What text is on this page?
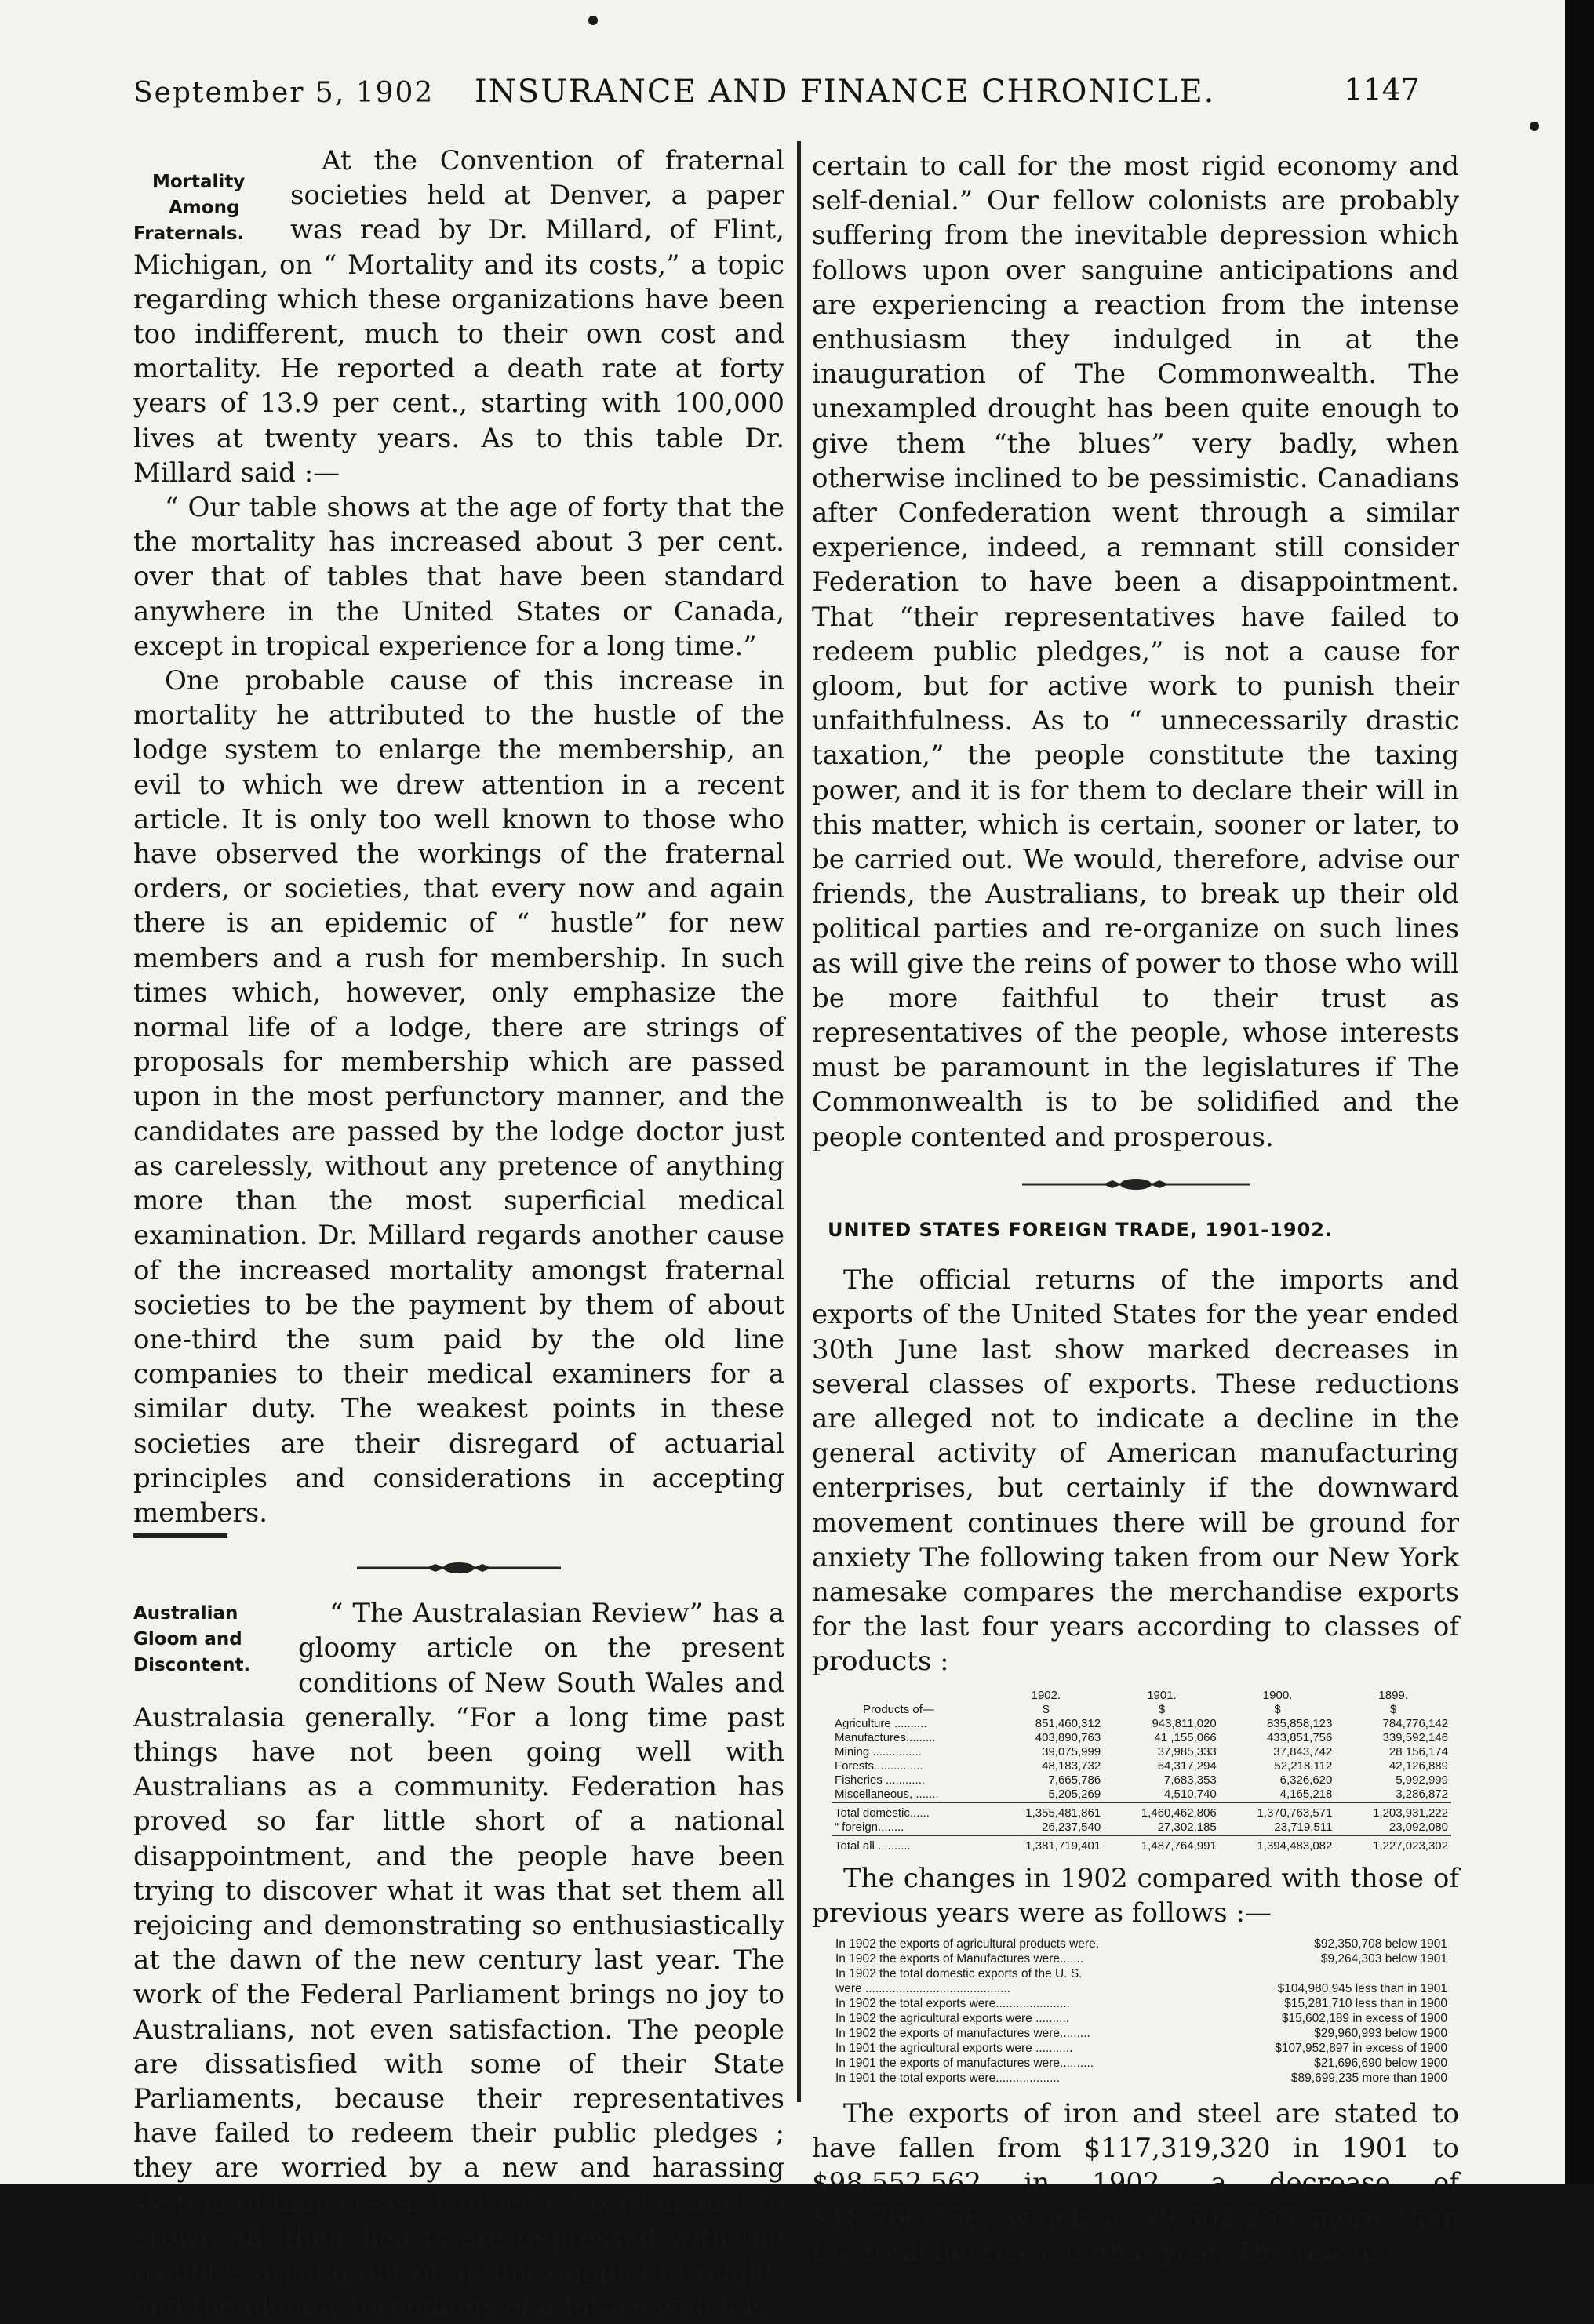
September 5, 1902 INSURANCE AND FINANCE CHRONICLE.	1147
Mortality
Among
Fraternals.

At the Convention of fraternal societies held at Denver, a paper was read by Dr. Millard, of Flint, Michigan, on “ Mortality and its costs,” a topic regarding which these organizations have been too indifferent, much to their own cost and mortality. He reported a death rate at forty years of 13.9 per cent., starting with 100,000 lives at twenty years. As to this table Dr. Millard said :—

“ Our table shows at the age of forty that the the mortality has increased about 3 per cent. over that of tables that have been standard anywhere in the United States or Canada, except in tropical experience for a long time.”

One probable cause of this increase in mortality he attributed to the hustle of the lodge system to enlarge the membership, an evil to which we drew attention in a recent article. It is only too well known to those who have observed the workings of the fraternal orders, or societies, that every now and again there is an epidemic of “ hustle” for new members and a rush for membership. In such times which, however, only emphasize the normal life of a lodge, there are strings of proposals for membership which are passed upon in the most perfunctory manner, and the candidates are passed by the lodge doctor just as carelessly, without any pretence of anything more than the most superficial medical examination. Dr. Millard regards another cause of the increased mortality amongst fraternal societies to be the payment by them of about one-third the sum paid by the old line companies to their medical examiners for a similar duty. The weakest points in these societies are their disregard of actuarial principles and considerations in accepting members.

Australian
Gloom and
Discontent.

“ The Australasian Review” has a gloomy article on the present conditions of New South Wales and Australasia generally. “For a long time past things have not been going well with Australians as a community. Federation has proved so far little short of a national disappointment, and the people have been trying to discover what it was that set them all rejoicing and demonstrating so enthusiastically at the dawn of the new century last year. The work of the Federal Parliament brings no joy to Australians, not even satisfaction. The people are dissatisfied with some of their State Parliaments, because their representatives have failed to redeem their public pledges ; they are worried by a new and harassing system of unnecessarily drastic taxation and, to crown all, their hearts are depressed with the troubles arising out of an unexampled drought, and the gloomy forbodings of a future which is

certain to call for the most rigid economy and self-denial.” Our fellow colonists are probably suffering from the inevitable depression which follows upon over sanguine anticipations and are experiencing a reaction from the intense enthusiasm they indulged in at the inauguration of The Commonwealth. The unexampled drought has been quite enough to give them “the blues” very badly, when otherwise inclined to be pessimistic. Canadians after Confederation went through a similar experience, indeed, a remnant still consider Federation to have been a disappointment. That “their representatives have failed to redeem public pledges,” is not a cause for gloom, but for active work to punish their unfaithfulness. As to “ unnecessarily drastic taxation,” the people constitute the taxing power, and it is for them to declare their will in this matter, which is certain, sooner or later, to be carried out. We would, therefore, advise our friends, the Australians, to break up their old political parties and re-organize on such lines as will give the reins of power to those who will be more faithful to their trust as representatives of the people, whose interests must be paramount in the legislatures if The Commonwealth is to be solidified and the people contented and prosperous.

UNITED STATES FOREIGN TRADE, 1901-1902.

The official returns of the imports and exports of the United States for the year ended 30th June last show marked decreases in several classes of exports. These reductions are alleged not to indicate a decline in the general activity of American manufacturing enterprises, but certainly if the downward movement continues there will be ground for anxiety The following taken from our New York namesake compares the merchandise exports for the last four years according to classes of products :

	1902.	1901.	1900.	1899.
Products of—	$	$	$	$
Agriculture ..........	851,460,312	943,811,020	835,858,123	784,776,142
Manufactures.........	403,890,763	41 ,155,066	433,851,756	339,592,146
Mining ...............	39,075,999	37,985,333	37,843,742	28 156,174
Forests...............	48,183,732	54,317,294	52,218,112	42,126,889
Fisheries ............	7,665,786	7,683,353	6,326,620	5,992,999
Miscellaneous, .......	5,205,269	4,510,740	4,165,218	3,286,872

Total domestic......	1,355,481,861	1,460,462,806	1,370,763,571	1,203,931,222
“ foreign........	26,237,540	27,302,185	23,719,511	23,092,080

Total all ..........	1,381,719,401	1,487,764,991	1,394,483,082	1,227,023,302

The changes in 1902 compared with those of previous years were as follows :—

In 1902 the exports of agricultural products were.	$92,350,708 below 1901
In 1902 the exports of Manufactures were.......	$9,264,303 below 1901
In 1902 the total domestic exports of the U. S.
were ...........................................	$104,980,945 less than in 1901
In 1902 the total exports were......................	$15,281,710 less than in 1900
In 1902 the agricultural exports were ..........	$15,602,189 in excess of 1900
In 1902 the exports of manufactures were.........	$29,960,993 below 1900
In 1901 the agricultural exports were ...........	$107,952,897 in excess of 1900
In 1901 the exports of manufactures were..........	$21,696,690 below 1900
In 1901 the total exports were...................	$89,699,235 more than 1900

The exports of iron and steel are stated to have fallen from $117,319,320 in 1901 to $98,552,562 in 1902, a decrease of $18,766,758, which is $9,502,255 more than the total decrease in that year. The reason
